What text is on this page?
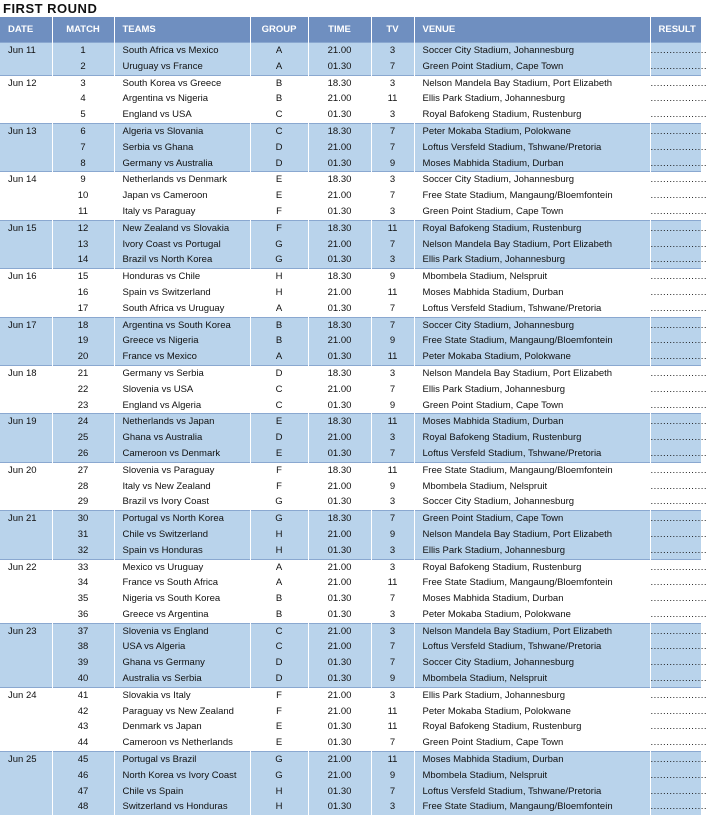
FIRST ROUND
DATE	MATCH	TEAMS	GROUP	TIME	TV	VENUE	RESULT
Jun 11	1	South Africa vs Mexico	A	21.00	3	Soccer City Stadium, Johannesburg	..................
	2	Uruguay vs France	A	01.30	7	Green Point Stadium, Cape Town	..................
Jun 12	3	South Korea vs Greece	B	18.30	3	Nelson Mandela Bay Stadium, Port Elizabeth	..................
	4	Argentina vs Nigeria	B	21.00	11	Ellis Park Stadium, Johannesburg	..................
	5	England vs USA	C	01.30	3	Royal Bafokeng Stadium, Rustenburg	..................
Jun 13	6	Algeria vs Slovania	C	18.30	7	Peter Mokaba Stadium, Polokwane	..................
	7	Serbia vs Ghana	D	21.00	7	Loftus Versfeld Stadium, Tshwane/Pretoria	..................
	8	Germany vs Australia	D	01.30	9	Moses Mabhida Stadium, Durban	..................
Jun 14	9	Netherlands vs Denmark	E	18.30	3	Soccer City Stadium, Johannesburg	..................
	10	Japan vs Cameroon	E	21.00	7	Free State Stadium, Mangaung/Bloemfontein	..................
	11	Italy vs Paraguay	F	01.30	3	Green Point Stadium, Cape Town	..................
Jun 15	12	New Zealand vs Slovakia	F	18.30	11	Royal Bafokeng Stadium, Rustenburg	..................
	13	Ivory Coast vs Portugal	G	21.00	7	Nelson Mandela Bay Stadium, Port Elizabeth	..................
	14	Brazil vs North Korea	G	01.30	3	Ellis Park Stadium, Johannesburg	..................
Jun 16	15	Honduras vs Chile	H	18.30	9	Mbombela Stadium, Nelspruit	..................
	16	Spain vs Switzerland	H	21.00	11	Moses Mabhida Stadium, Durban	..................
	17	South Africa vs Uruguay	A	01.30	7	Loftus Versfeld Stadium, Tshwane/Pretoria	..................
Jun 17	18	Argentina vs South Korea	B	18.30	7	Soccer City Stadium, Johannesburg	..................
	19	Greece vs Nigeria	B	21.00	9	Free State Stadium, Mangaung/Bloemfontein	..................
	20	France vs Mexico	A	01.30	11	Peter Mokaba Stadium, Polokwane	..................
Jun 18	21	Germany vs Serbia	D	18.30	3	Nelson Mandela Bay Stadium, Port Elizabeth	..................
	22	Slovenia vs USA	C	21.00	7	Ellis Park Stadium, Johannesburg	..................
	23	England vs Algeria	C	01.30	9	Green Point Stadium, Cape Town	..................
Jun 19	24	Netherlands vs Japan	E	18.30	11	Moses Mabhida Stadium, Durban	..................
	25	Ghana vs Australia	D	21.00	3	Royal Bafokeng Stadium, Rustenburg	..................
	26	Cameroon vs Denmark	E	01.30	7	Loftus Versfeld Stadium, Tshwane/Pretoria	..................
Jun 20	27	Slovenia vs Paraguay	F	18.30	11	Free State Stadium, Mangaung/Bloemfontein	..................
	28	Italy vs New Zealand	F	21.00	9	Mbombela Stadium, Nelspruit	..................
	29	Brazil vs Ivory Coast	G	01.30	3	Soccer City Stadium, Johannesburg	..................
Jun 21	30	Portugal vs North Korea	G	18.30	7	Green Point Stadium, Cape Town	..................
	31	Chile vs Switzerland	H	21.00	9	Nelson Mandela Bay Stadium, Port Elizabeth	..................
	32	Spain vs Honduras	H	01.30	3	Ellis Park Stadium, Johannesburg	..................
Jun 22	33	Mexico vs Uruguay	A	21.00	3	Royal Bafokeng Stadium, Rustenburg	..................
	34	France vs South Africa	A	21.00	11	Free State Stadium, Mangaung/Bloemfontein	..................
	35	Nigeria vs South Korea	B	01.30	7	Moses Mabhida Stadium, Durban	..................
	36	Greece vs Argentina	B	01.30	3	Peter Mokaba Stadium, Polokwane	..................
Jun 23	37	Slovenia vs England	C	21.00	3	Nelson Mandela Bay Stadium, Port Elizabeth	..................
	38	USA vs Algeria	C	21.00	7	Loftus Versfeld Stadium, Tshwane/Pretoria	..................
	39	Ghana vs Germany	D	01.30	7	Soccer City Stadium, Johannesburg	..................
	40	Australia vs Serbia	D	01.30	9	Mbombela Stadium, Nelspruit	..................
Jun 24	41	Slovakia vs Italy	F	21.00	3	Ellis Park Stadium, Johannesburg	..................
	42	Paraguay vs New Zealand	F	21.00	11	Peter Mokaba Stadium, Polokwane	..................
	43	Denmark vs Japan	E	01.30	11	Royal Bafokeng Stadium, Rustenburg	..................
	44	Cameroon vs Netherlands	E	01.30	7	Green Point Stadium, Cape Town	..................
Jun 25	45	Portugal vs Brazil	G	21.00	11	Moses Mabhida Stadium, Durban	..................
	46	North Korea vs Ivory Coast	G	21.00	9	Mbombela Stadium, Nelspruit	..................
	47	Chile vs Spain	H	01.30	7	Loftus Versfeld Stadium, Tshwane/Pretoria	..................
	48	Switzerland vs Honduras	H	01.30	3	Free State Stadium, Mangaung/Bloemfontein	..................
